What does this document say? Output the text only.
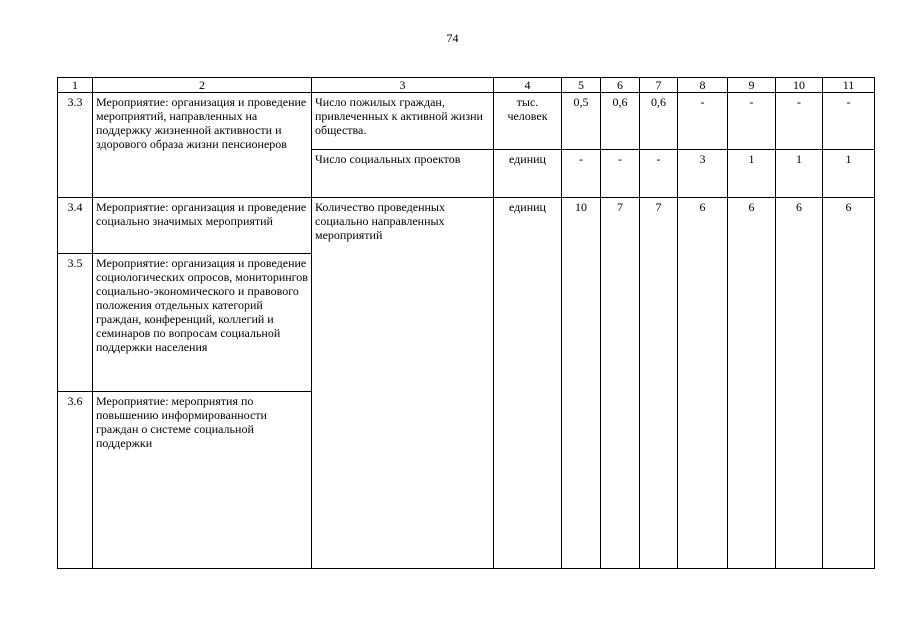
74
1	2	3	4	5	6	7	8	9	10	11
3.3	Мероприятие: организация и проведение мероприятий, направленных на поддержку жизненной активности и здорового образа жизни пенсионеров	Число пожилых граждан, привлеченных к активной жизни общества.	тыс. человек	0,5	0,6	0,6	-	-	-	-
		Число социальных проектов	единиц	-	-	-	3	1	1	1
3.4	Мероприятие: организация и проведение социально значимых мероприятий	Количество проведенных социально направленных мероприятий	единиц	10	7	7	6	6	6	6
3.5	Мероприятие: организация и проведение социологических опросов, мониторингов социально-экономического и правового положения отдельных категорий граждан, конференций, коллегий и семинаров по вопросам социальной поддержки населения									
3.6	Мероприятие: мероприятия по повышению информированности граждан о системе социальной поддержки									
